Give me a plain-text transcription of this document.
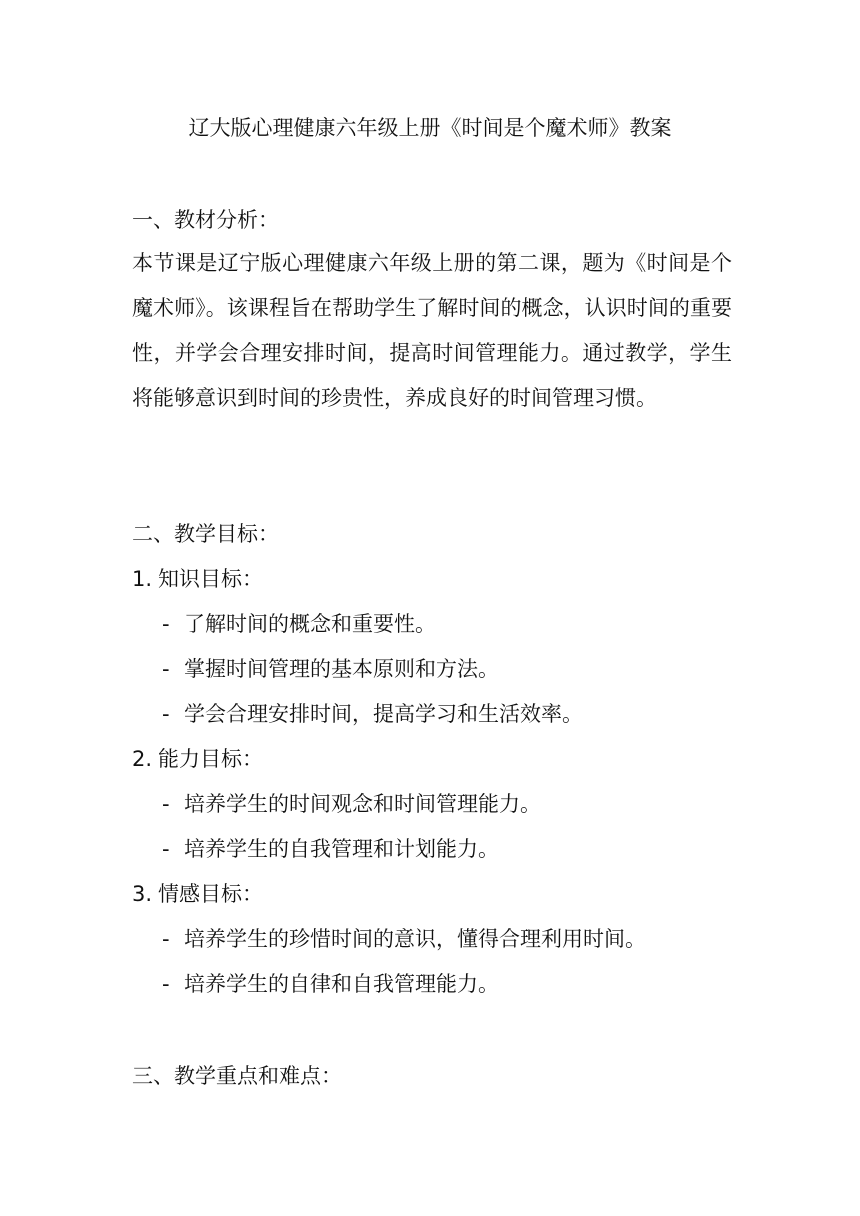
辽大版心理健康六年级上册《时间是个魔术师》教案
一、教材分析：
本节课是辽宁版心理健康六年级上册的第二课，题为《时间是个魔术师》。该课程旨在帮助学生了解时间的概念，认识时间的重要性，并学会合理安排时间，提高时间管理能力。通过教学，学生将能够意识到时间的珍贵性，养成良好的时间管理习惯。
二、教学目标：
1. 知识目标：
- 了解时间的概念和重要性。
- 掌握时间管理的基本原则和方法。
- 学会合理安排时间，提高学习和生活效率。
2. 能力目标：
- 培养学生的时间观念和时间管理能力。
- 培养学生的自我管理和计划能力。
3. 情感目标：
- 培养学生的珍惜时间的意识，懂得合理利用时间。
- 培养学生的自律和自我管理能力。
三、教学重点和难点：
